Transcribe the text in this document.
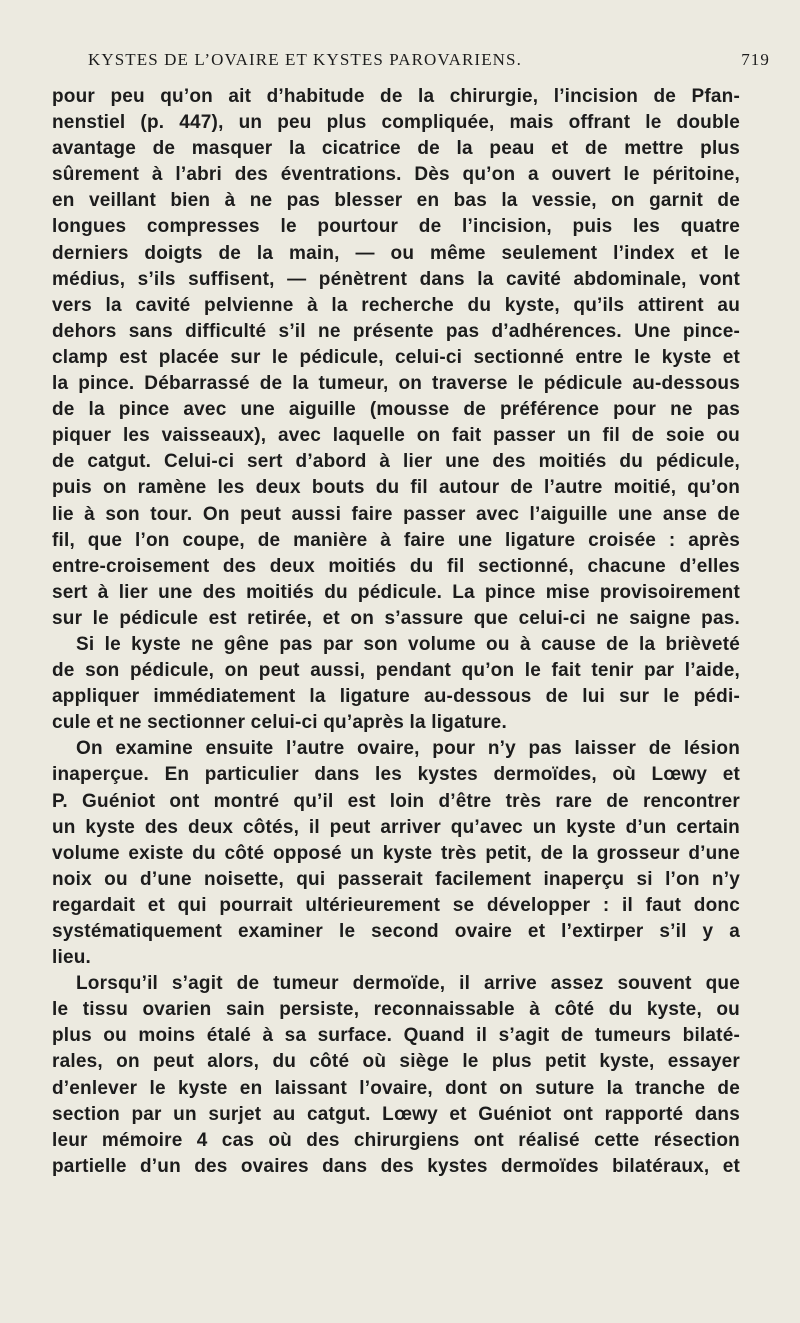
KYSTES DE L’OVAIRE ET KYSTES PAROVARIENS.	719
pour peu qu’on ait d’habitude de la chirurgie, l’incision de Pfan-
nenstiel (p. 447), un peu plus compliquée, mais offrant le double
avantage de masquer la cicatrice de la peau et de mettre plus
sûrement à l’abri des éventrations. Dès qu’on a ouvert le péritoine,
en veillant bien à ne pas blesser en bas la vessie, on garnit de
longues compresses le pourtour de l’incision, puis les quatre
derniers doigts de la main, — ou même seulement l’index et le
médius, s’ils suffisent, — pénètrent dans la cavité abdominale, vont
vers la cavité pelvienne à la recherche du kyste, qu’ils attirent au
dehors sans difficulté s’il ne présente pas d’adhérences. Une pince-
clamp est placée sur le pédicule, celui-ci sectionné entre le kyste et
la pince. Débarrassé de la tumeur, on traverse le pédicule au-dessous
de la pince avec une aiguille (mousse de préférence pour ne pas
piquer les vaisseaux), avec laquelle on fait passer un fil de soie ou
de catgut. Celui-ci sert d’abord à lier une des moitiés du pédicule,
puis on ramène les deux bouts du fil autour de l’autre moitié, qu’on
lie à son tour. On peut aussi faire passer avec l’aiguille une anse de
fil, que l’on coupe, de manière à faire une ligature croisée : après
entre-croisement des deux moitiés du fil sectionné, chacune d’elles
sert à lier une des moitiés du pédicule. La pince mise provisoirement
sur le pédicule est retirée, et on s’assure que celui-ci ne saigne pas.
Si le kyste ne gêne pas par son volume ou à cause de la brièveté
de son pédicule, on peut aussi, pendant qu’on le fait tenir par l’aide,
appliquer immédiatement la ligature au-dessous de lui sur le pédi-
cule et ne sectionner celui-ci qu’après la ligature.
On examine ensuite l’autre ovaire, pour n’y pas laisser de lésion
inaperçue. En particulier dans les kystes dermoïdes, où Lœwy et
P. Guéniot ont montré qu’il est loin d’être très rare de rencontrer
un kyste des deux côtés, il peut arriver qu’avec un kyste d’un certain
volume existe du côté opposé un kyste très petit, de la grosseur d’une
noix ou d’une noisette, qui passerait facilement inaperçu si l’on n’y
regardait et qui pourrait ultérieurement se développer : il faut donc
systématiquement examiner le second ovaire et l’extirper s’il y a
lieu.
Lorsqu’il s’agit de tumeur dermoïde, il arrive assez souvent que
le tissu ovarien sain persiste, reconnaissable à côté du kyste, ou
plus ou moins étalé à sa surface. Quand il s’agit de tumeurs bilaté-
rales, on peut alors, du côté où siège le plus petit kyste, essayer
d’enlever le kyste en laissant l’ovaire, dont on suture la tranche de
section par un surjet au catgut. Lœwy et Guéniot ont rapporté dans
leur mémoire 4 cas où des chirurgiens ont réalisé cette résection
partielle d’un des ovaires dans des kystes dermoïdes bilatéraux, et
